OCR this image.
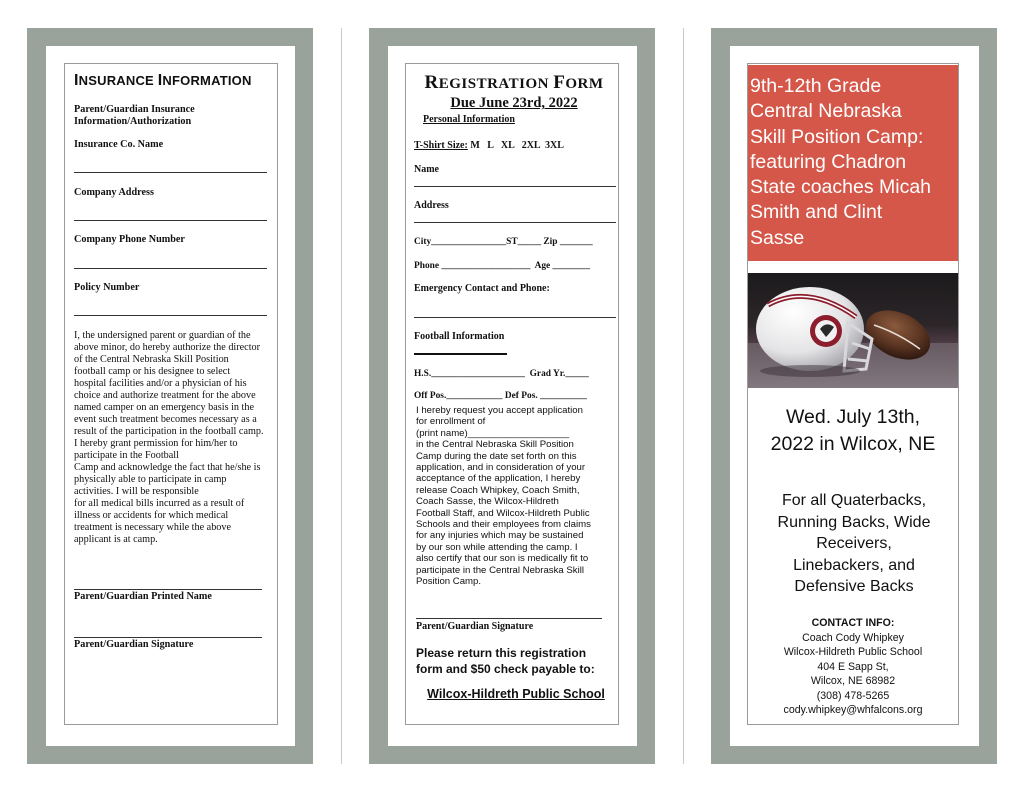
INSURANCE INFORMATION
Parent/Guardian Insurance
Information/Authorization
Insurance Co. Name
Company Address
Company Phone Number
Policy Number
I, the undersigned parent or guardian of the
above minor, do hereby authorize the director
of the Central Nebraska Skill Position
football camp or his designee to select
hospital facilities and/or a physician of his
choice and authorize treatment for the above
named camper on an emergency basis in the
event such treatment becomes necessary as a
result of the participation in the football camp.
I hereby grant permission for him/her to
participate in the Football
Camp and acknowledge the fact that he/she is
physically able to participate in camp
activities. I will be responsible
for all medical bills incurred as a result of
illness or accidents for which medical
treatment is necessary while the above
applicant is at camp.
Parent/Guardian Printed Name
Parent/Guardian Signature
REGISTRATION FORM
Due June 23rd, 2022
Personal Information
T-Shirt Size: M   L   XL   2XL  3XL
Name
Address
City________________ST_____ Zip _______
Phone ___________________  Age ________
Emergency Contact and Phone:
Football Information
H.S.____________________  Grad Yr._____
Off Pos.____________ Def Pos. __________
I hereby request you accept application
for enrollment of
(print name)___________________
in the Central Nebraska Skill Position
Camp during the date set forth on this
application, and in consideration of your
acceptance of the application, I hereby
release Coach Whipkey, Coach Smith,
Coach Sasse, the Wilcox-Hildreth
Football Staff, and Wilcox-Hildreth Public
Schools and their employees from claims
for any injuries which may be sustained
by our son while attending the camp. I
also certify that our son is medically fit to
participate in the Central Nebraska Skill
Position Camp.
Parent/Guardian Signature
Please return this registration
form and $50 check payable to:
Wilcox-Hildreth Public School
9th-12th Grade
Central Nebraska
Skill Position Camp:
featuring Chadron
State coaches Micah
Smith and Clint
Sasse
Wed. July 13th,
2022 in Wilcox, NE
For all Quaterbacks,
Running Backs, Wide
Receivers,
Linebackers, and
Defensive Backs
CONTACT INFO:
Coach Cody Whipkey
Wilcox-Hildreth Public School
404 E Sapp St,
Wilcox, NE 68982
(308) 478-5265
cody.whipkey@whfalcons.org
